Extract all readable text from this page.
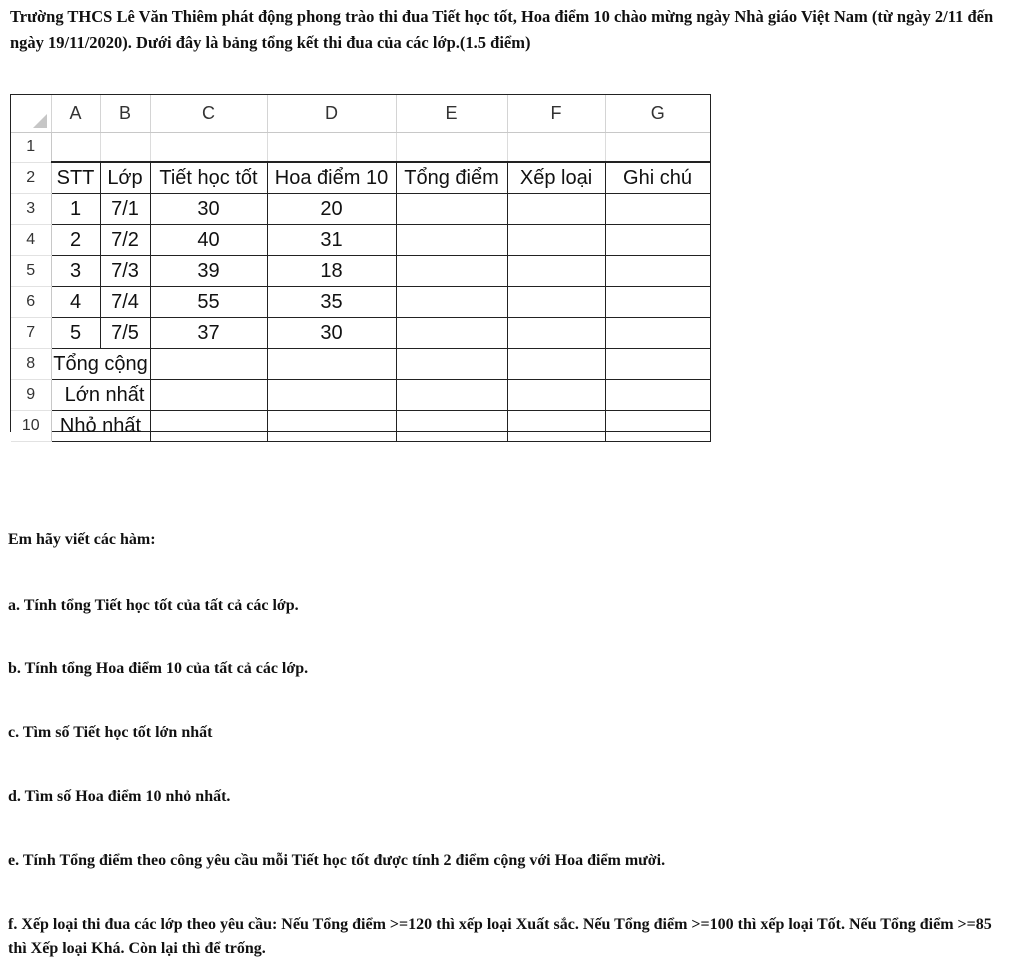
Trường THCS Lê Văn Thiêm phát động phong trào thi đua Tiết học tốt, Hoa điểm 10 chào mừng ngày Nhà giáo Việt Nam (từ ngày 2/11 đến ngày 19/11/2020). Dưới đây là bảng tổng kết thi đua của các lớp.(1.5 điểm)

	A	B	C	D	E	F	G
1							
2	STT	Lớp	Tiết học tốt	Hoa điểm 10	Tổng điểm	Xếp loại	Ghi chú
3	1	7/1	30	20			
4	2	7/2	40	31			
5	3	7/3	39	18			
6	4	7/4	55	35			
7	5	7/5	37	30			
8	Tổng cộng						
9	Lớn nhất						
10	Nhỏ nhất						

Em hãy viết các hàm:

a. Tính tổng Tiết học tốt của tất cả các lớp.

b. Tính tổng Hoa điểm 10 của tất cả các lớp.

c. Tìm số Tiết học tốt lớn nhất

d. Tìm số Hoa điểm 10 nhỏ nhất.

e. Tính Tổng điểm theo công yêu cầu mỗi Tiết học tốt được tính 2 điểm cộng với Hoa điểm mười.

f. Xếp loại thi đua các lớp theo yêu cầu: Nếu Tổng điểm >=120 thì xếp loại Xuất sắc. Nếu Tổng điểm >=100 thì xếp loại Tốt. Nếu Tổng điểm >=85 thì Xếp loại Khá. Còn lại thì để trống.
